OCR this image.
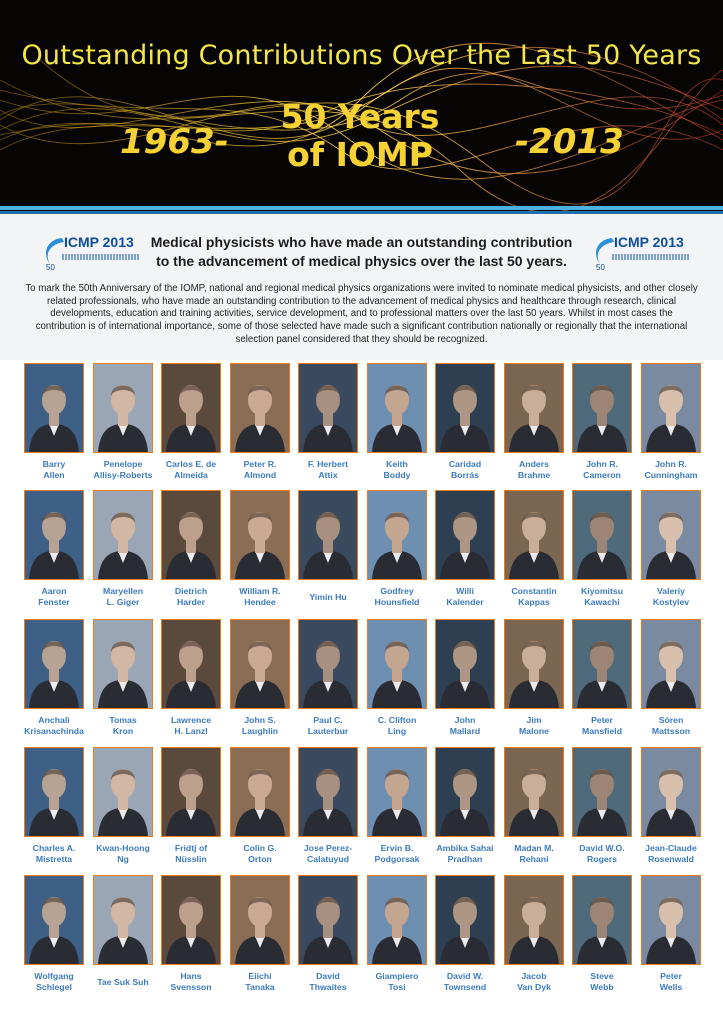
Outstanding Contributions Over the Last 50 Years
1963-
50 Years
of IOMP	-2013
50
ICMP 2013
50
ICMP 2013
Medical physicists who have made an outstanding contribution
to the advancement of medical physics over the last 50 years.
To mark the 50th Anniversary of the IOMP, national and regional medical physics organizations were invited to nominate medical physicists, and other closely related professionals, who have made an outstanding contribution to the advancement of medical physics and healthcare through research, clinical developments, education and training activities, service development, and to professional matters over the last 50 years. Whilst in most cases the contribution is of international importance, some of those selected have made such a significant contribution nationally or regionally that the international selection panel considered that they should be recognized.
Barry
Allen
Penelope
Allisy-Roberts
Carlos E. de
Almeida
Peter R.
Almond
F. Herbert
Attix
Keith
Boddy
Caridad
Borrás
Anders
Brahme
John R.
Cameron
John R.
Cunningham
Aaron
Fenster
Maryellen
L. Giger
Dietrich
Harder
William R.
Hendee	Yimin Hu
Godfrey
Hounsfield
Willi
Kalender
Constantin
Kappas
Kiyomitsu
Kawachi
Valeriy
Kostylev
Anchali
Krisanachinda
Tomas
Kron
Lawrence
H. Lanzl
John S.
Laughlin
Paul C.
Lauterbur
C. Clifton
Ling
John
Mallard
Jim
Malone
Peter
Mansfield
Sören
Mattsson
Charles A.
Mistretta
Kwan-Hoong
Ng
Fridtj of
Nüsslin
Colin G.
Orton
Jose Perez-
Calatuyud
Ervin B.
Podgorsak
Ambika Sahai
Pradhan
Madan M.
Rehani
David W.O.
Rogers
Jean-Claude
Rosenwald
Wolfgang
Schlegel	Tae Suk Suh
Hans
Svensson
Eiichi
Tanaka
David
Thwaites
Giampiero
Tosi
David W.
Townsend
Jacob
Van Dyk
Steve
Webb
Peter
Wells
